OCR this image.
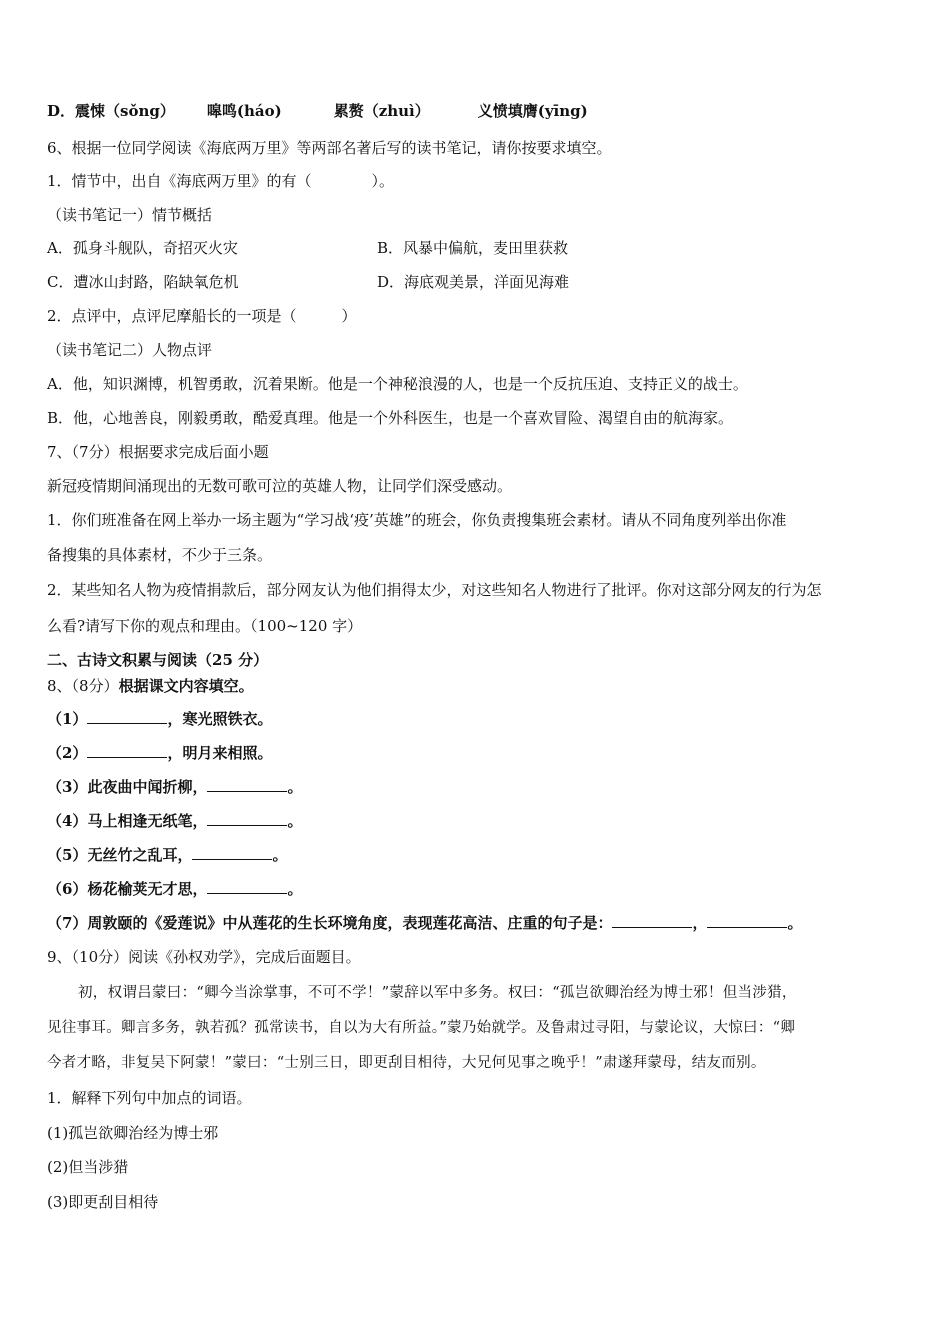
D．震悚（sǒng） 嗥鸣(háo)	累赘（zhuì）	义愤填膺(yīng)
6、根据一位同学阅读《海底两万里》等两部名著后写的读书笔记，请你按要求填空。
1．情节中，出自《海底两万里》的有（　　　　）。
（读书笔记一）情节概括
A．孤身斗舰队，奇招灭火灾	B．风暴中偏航，麦田里获救
C．遭冰山封路，陷缺氧危机	D．海底观美景，洋面见海难
2．点评中，点评尼摩船长的一项是（　　　）
（读书笔记二）人物点评
A．他，知识渊博，机智勇敢，沉着果断。他是一个神秘浪漫的人，也是一个反抗压迫、支持正义的战士。
B．他，心地善良，刚毅勇敢，酷爱真理。他是一个外科医生，也是一个喜欢冒险、渴望自由的航海家。
7、（7分）根据要求完成后面小题
新冠疫情期间涌现出的无数可歌可泣的英雄人物，让同学们深受感动。
1．你们班准备在网上举办一场主题为“学习战‘疫’英雄”的班会，你负责搜集班会素材。请从不同角度列举出你准
备搜集的具体素材，不少于三条。
2．某些知名人物为疫情捐款后，部分网友认为他们捐得太少，对这些知名人物进行了批评。你对这部分网友的行为怎
么看?请写下你的观点和理由。（100~120 字）
二、古诗文积累与阅读（25 分）
8、（8分）根据课文内容填空。
（1）	，寒光照铁衣。
（2）	，明月来相照。
（3）此夜曲中闻折柳，	。
（4）马上相逢无纸笔，	。
（5）无丝竹之乱耳，	。
（6）杨花榆荚无才思，	。
（7）周敦颐的《爱莲说》中从莲花的生长环境角度，表现莲花高洁、庄重的句子是：	，	。
9、（10分）阅读《孙权劝学》，完成后面题目。
初，权谓吕蒙曰：“卿今当涂掌事，不可不学！”蒙辞以军中多务。权曰：“孤岂欲卿治经为博士邪！但当涉猎，
见往事耳。卿言多务，孰若孤？孤常读书，自以为大有所益。”蒙乃始就学。及鲁肃过寻阳，与蒙论议，大惊曰：“卿
今者才略，非复吴下阿蒙！”蒙曰：“士别三日，即更刮目相待，大兄何见事之晚乎！”肃遂拜蒙母，结友而别。
1．解释下列句中加点的词语。
(1)孤岂欲卿治经为博士邪
(2)但当涉猎
(3)即更刮目相待
